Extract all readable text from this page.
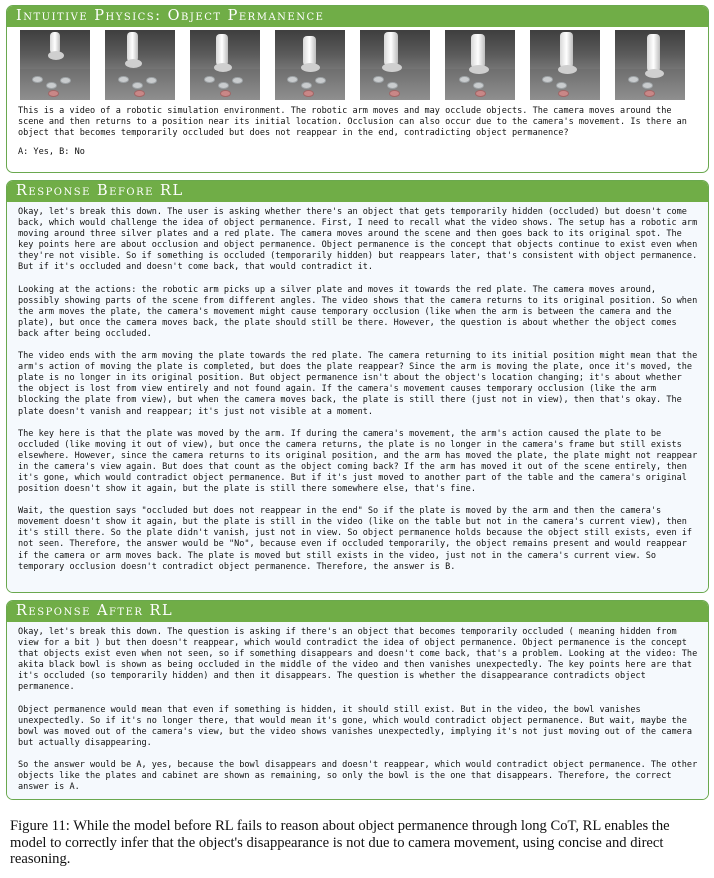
Intuitive Physics: Object Permanence

This is a video of a robotic simulation environment. The robotic arm moves and may occlude objects. The camera moves around the scene and then returns to a position near its initial location. Occlusion can also occur due to the camera's movement. Is there an object that becomes temporarily occluded but does not reappear in the end, contradicting object permanence?

A: Yes, B: No

Response Before RL

Okay, let's break this down. The user is asking whether there's an object that gets temporarily hidden (occluded) but doesn't come back, which would challenge the idea of object permanence. First, I need to recall what the video shows. The setup has a robotic arm moving around three silver plates and a red plate. The camera moves around the scene and then goes back to its original spot. The key points here are about occlusion and object permanence. Object permanence is the concept that objects continue to exist even when they're not visible. So if something is occluded (temporarily hidden) but reappears later, that's consistent with object permanence. But if it's occluded and doesn't come back, that would contradict it.

Looking at the actions: the robotic arm picks up a silver plate and moves it towards the red plate. The camera moves around, possibly showing parts of the scene from different angles. The video shows that the camera returns to its original position. So when the arm moves the plate, the camera's movement might cause temporary occlusion (like when the arm is between the camera and the plate), but once the camera moves back, the plate should still be there. However, the question is about whether the object comes back after being occluded.

The video ends with the arm moving the plate towards the red plate. The camera returning to its initial position might mean that the arm's action of moving the plate is completed, but does the plate reappear? Since the arm is moving the plate, once it's moved, the plate is no longer in its original position. But object permanence isn't about the object's location changing; it's about whether the object is lost from view entirely and not found again. If the camera's movement causes temporary occlusion (like the arm blocking the plate from view), but when the camera moves back, the plate is still there (just not in view), then that's okay. The plate doesn't vanish and reappear; it's just not visible at a moment.

The key here is that the plate was moved by the arm. If during the camera's movement, the arm's action caused the plate to be occluded (like moving it out of view), but once the camera returns, the plate is no longer in the camera's frame but still exists elsewhere. However, since the camera returns to its original position, and the arm has moved the plate, the plate might not reappear in the camera's view again. But does that count as the object coming back? If the arm has moved it out of the scene entirely, then it's gone, which would contradict object permanence. But if it's just moved to another part of the table and the camera's original position doesn't show it again, but the plate is still there somewhere else, that's fine.

Wait, the question says "occluded but does not reappear in the end" So if the plate is moved by the arm and then the camera's movement doesn't show it again, but the plate is still in the video (like on the table but not in the camera's current view), then it's still there. So the plate didn't vanish, just not in view. So object permanence holds because the object still exists, even if not seen. Therefore, the answer would be "No", because even if occluded temporarily, the object remains present and would reappear if the camera or arm moves back. The plate is moved but still exists in the video, just not in the camera's current view. So temporary occlusion doesn't contradict object permanence. Therefore, the answer is B.

Response After RL

Okay, let's break this down. The question is asking if there's an object that becomes temporarily occluded ( meaning hidden from view for a bit ) but then doesn't reappear, which would contradict the idea of object permanence. Object permanence is the concept that objects exist even when not seen, so if something disappears and doesn't come back, that's a problem. Looking at the video: The akita black bowl is shown as being occluded in the middle of the video and then vanishes unexpectedly. The key points here are that it's occluded (so temporarily hidden) and then it disappears. The question is whether the disappearance contradicts object permanence.

Object permanence would mean that even if something is hidden, it should still exist. But in the video, the bowl vanishes unexpectedly. So if it's no longer there, that would mean it's gone, which would contradict object permanence. But wait, maybe the bowl was moved out of the camera's view, but the video shows vanishes unexpectedly, implying it's not just moving out of the camera but actually disappearing.

So the answer would be A, yes, because the bowl disappears and doesn't reappear, which would contradict object permanence. The other objects like the plates and cabinet are shown as remaining, so only the bowl is the one that disappears. Therefore, the correct answer is A.

Figure 11: While the model before RL fails to reason about object permanence through long CoT, RL enables the model to correctly infer that the object's disappearance is not due to camera movement, using concise and direct reasoning.
